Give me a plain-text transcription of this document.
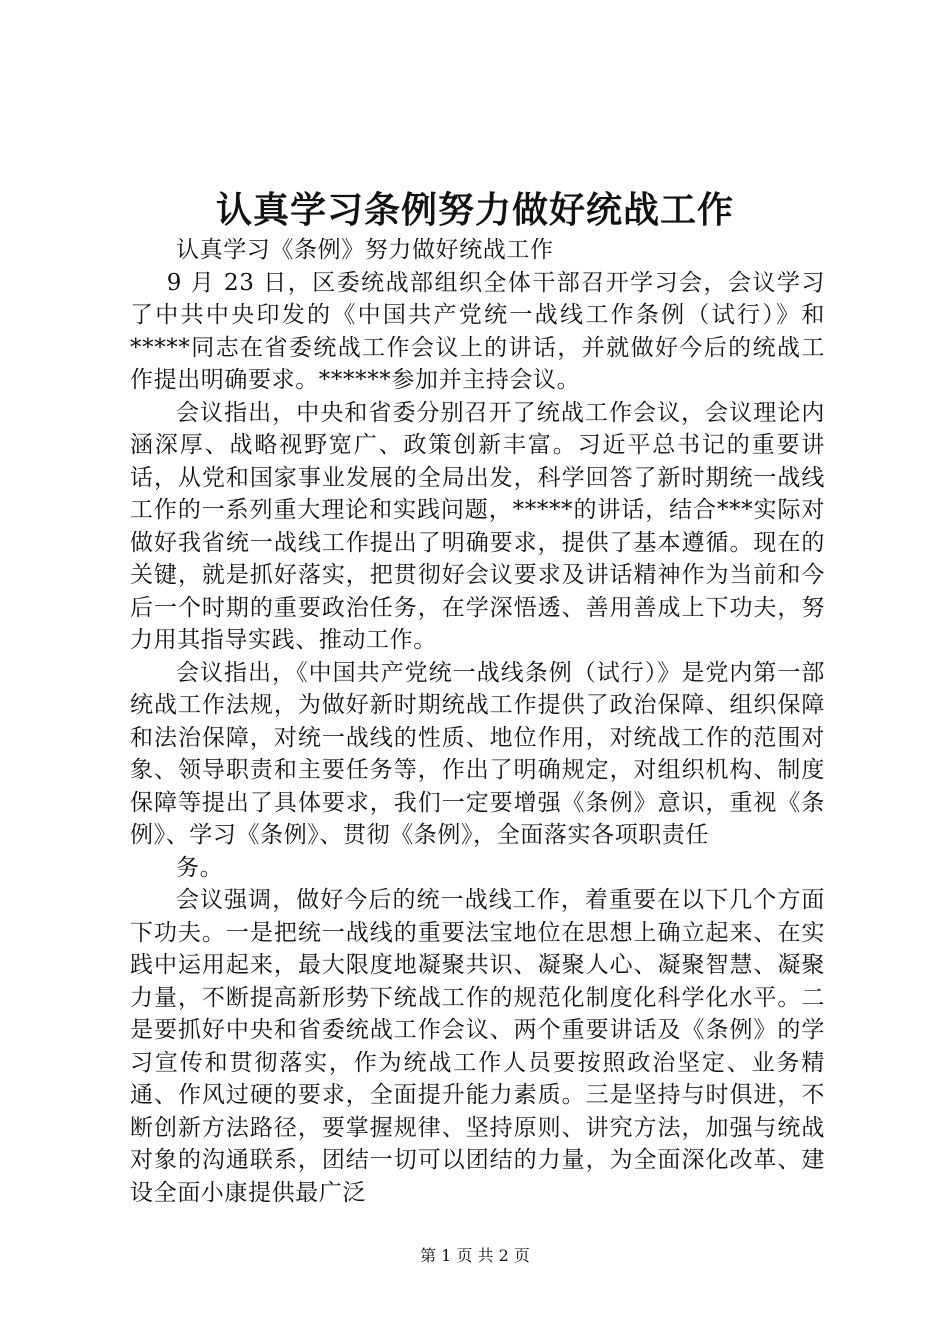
认真学习条例努力做好统战工作

认真学习《条例》努力做好统战工作

9 月 23 日，区委统战部组织全体干部召开学习会，会议学习了中共中央印发的《中国共产党统一战线工作条例（试行）》和*****同志在省委统战工作会议上的讲话，并就做好今后的统战工作提出明确要求。******参加并主持会议。

会议指出，中央和省委分别召开了统战工作会议，会议理论内涵深厚、战略视野宽广、政策创新丰富。习近平总书记的重要讲话，从党和国家事业发展的全局出发，科学回答了新时期统一战线工作的一系列重大理论和实践问题，*****的讲话，结合***实际对做好我省统一战线工作提出了明确要求，提供了基本遵循。现在的关键，就是抓好落实，把贯彻好会议要求及讲话精神作为当前和今后一个时期的重要政治任务，在学深悟透、善用善成上下功夫，努力用其指导实践、推动工作。

会议指出，《中国共产党统一战线条例（试行）》是党内第一部统战工作法规，为做好新时期统战工作提供了政治保障、组织保障和法治保障，对统一战线的性质、地位作用，对统战工作的范围对象、领导职责和主要任务等，作出了明确规定，对组织机构、制度保障等提出了具体要求，我们一定要增强《条例》意识，重视《条例》、学习《条例》、贯彻《条例》，全面落实各项职责任

务。

会议强调，做好今后的统一战线工作，着重要在以下几个方面下功夫。一是把统一战线的重要法宝地位在思想上确立起来、在实践中运用起来，最大限度地凝聚共识、凝聚人心、凝聚智慧、凝聚力量，不断提高新形势下统战工作的规范化制度化科学化水平。二是要抓好中央和省委统战工作会议、两个重要讲话及《条例》的学习宣传和贯彻落实，作为统战工作人员要按照政治坚定、业务精通、作风过硬的要求，全面提升能力素质。三是坚持与时俱进，不断创新方法路径，要掌握规律、坚持原则、讲究方法，加强与统战对象的沟通联系，团结一切可以团结的力量，为全面深化改革、建设全面小康提供最广泛

第 1 页 共 2 页
